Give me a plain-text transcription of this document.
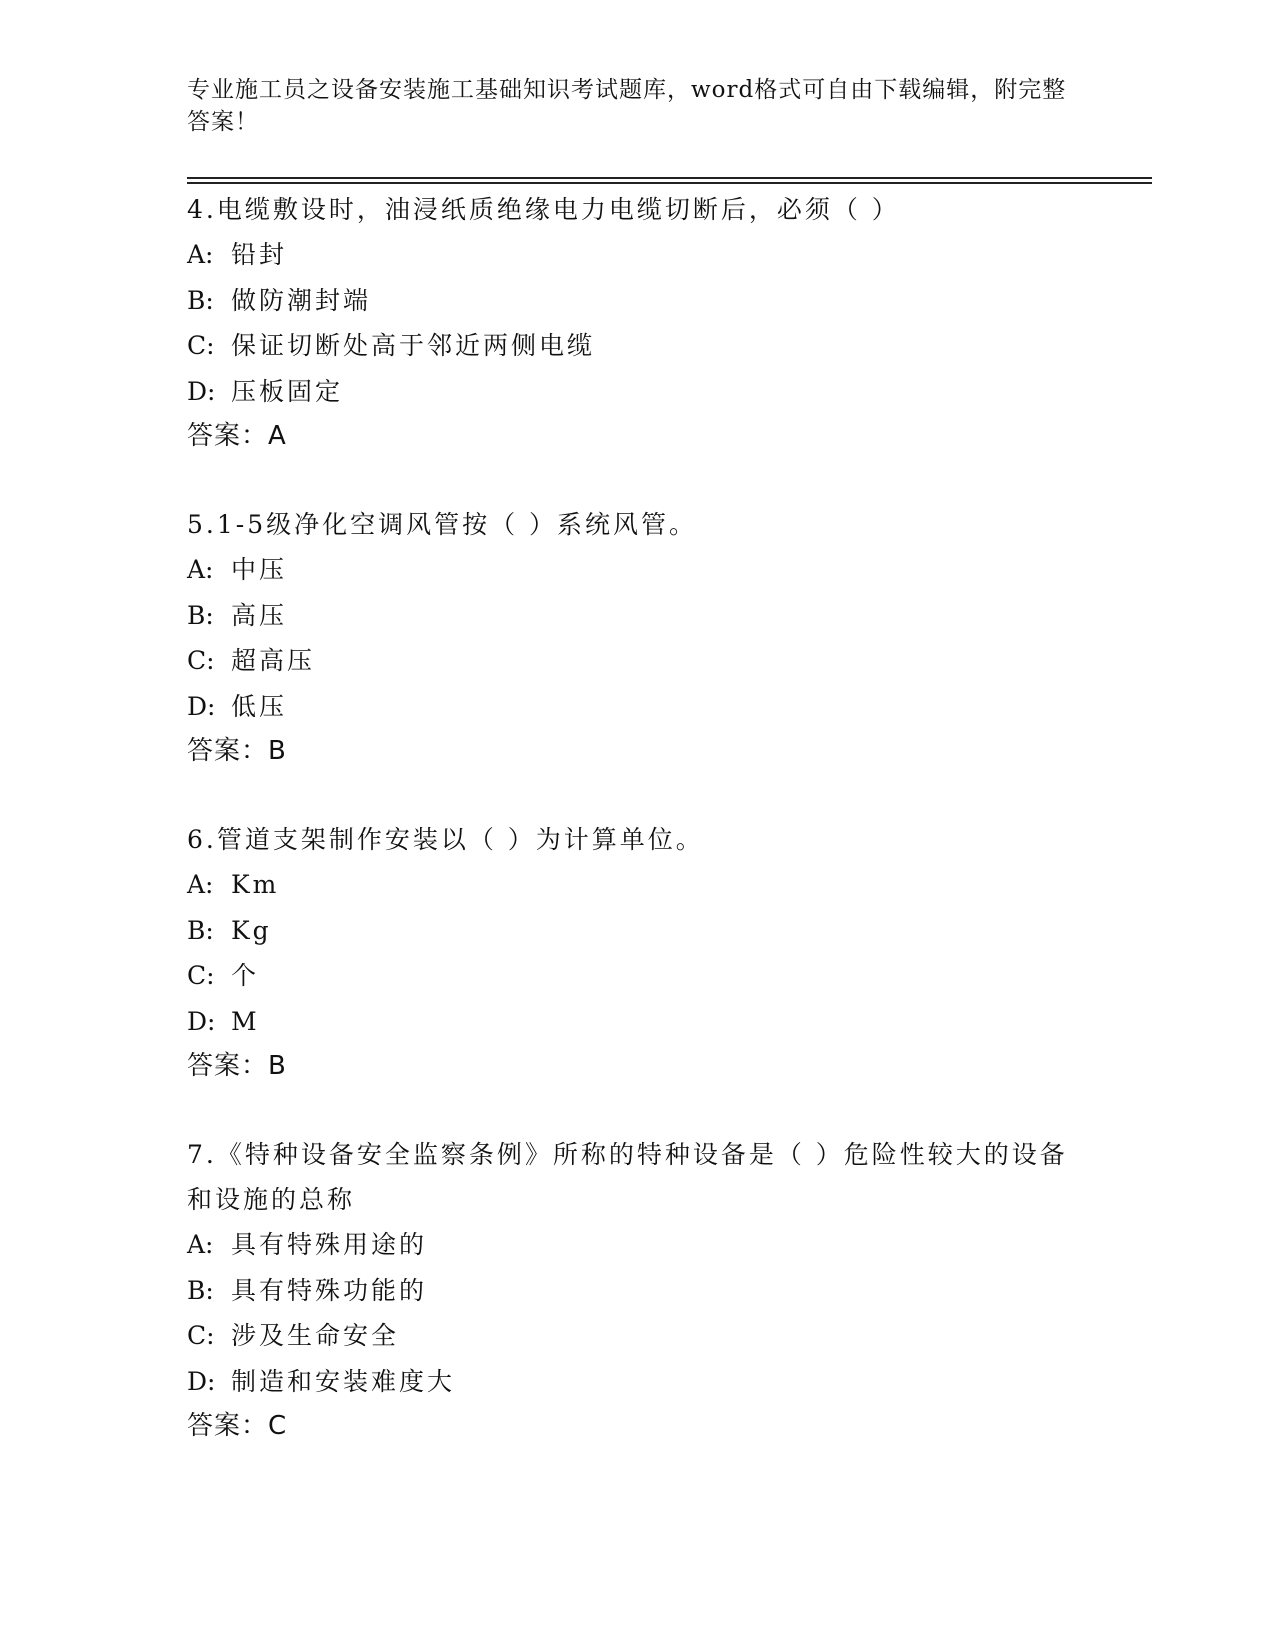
专业施工员之设备安装施工基础知识考试题库，word格式可自由下载编辑，附完整答案！

4.电缆敷设时，油浸纸质绝缘电力电缆切断后，必须（ ）

A: 铅封

B: 做防潮封端

C: 保证切断处高于邻近两侧电缆

D: 压板固定

答案：A

5.1-5级净化空调风管按（ ）系统风管。

A: 中压

B: 高压

C: 超高压

D: 低压

答案：B

6.管道支架制作安装以（ ）为计算单位。

A: Km

B: Kg

C: 个

D: M

答案：B

7.《特种设备安全监察条例》所称的特种设备是（ ）危险性较大的设备和设施的总称

A: 具有特殊用途的

B: 具有特殊功能的

C: 涉及生命安全

D: 制造和安装难度大

答案：C
